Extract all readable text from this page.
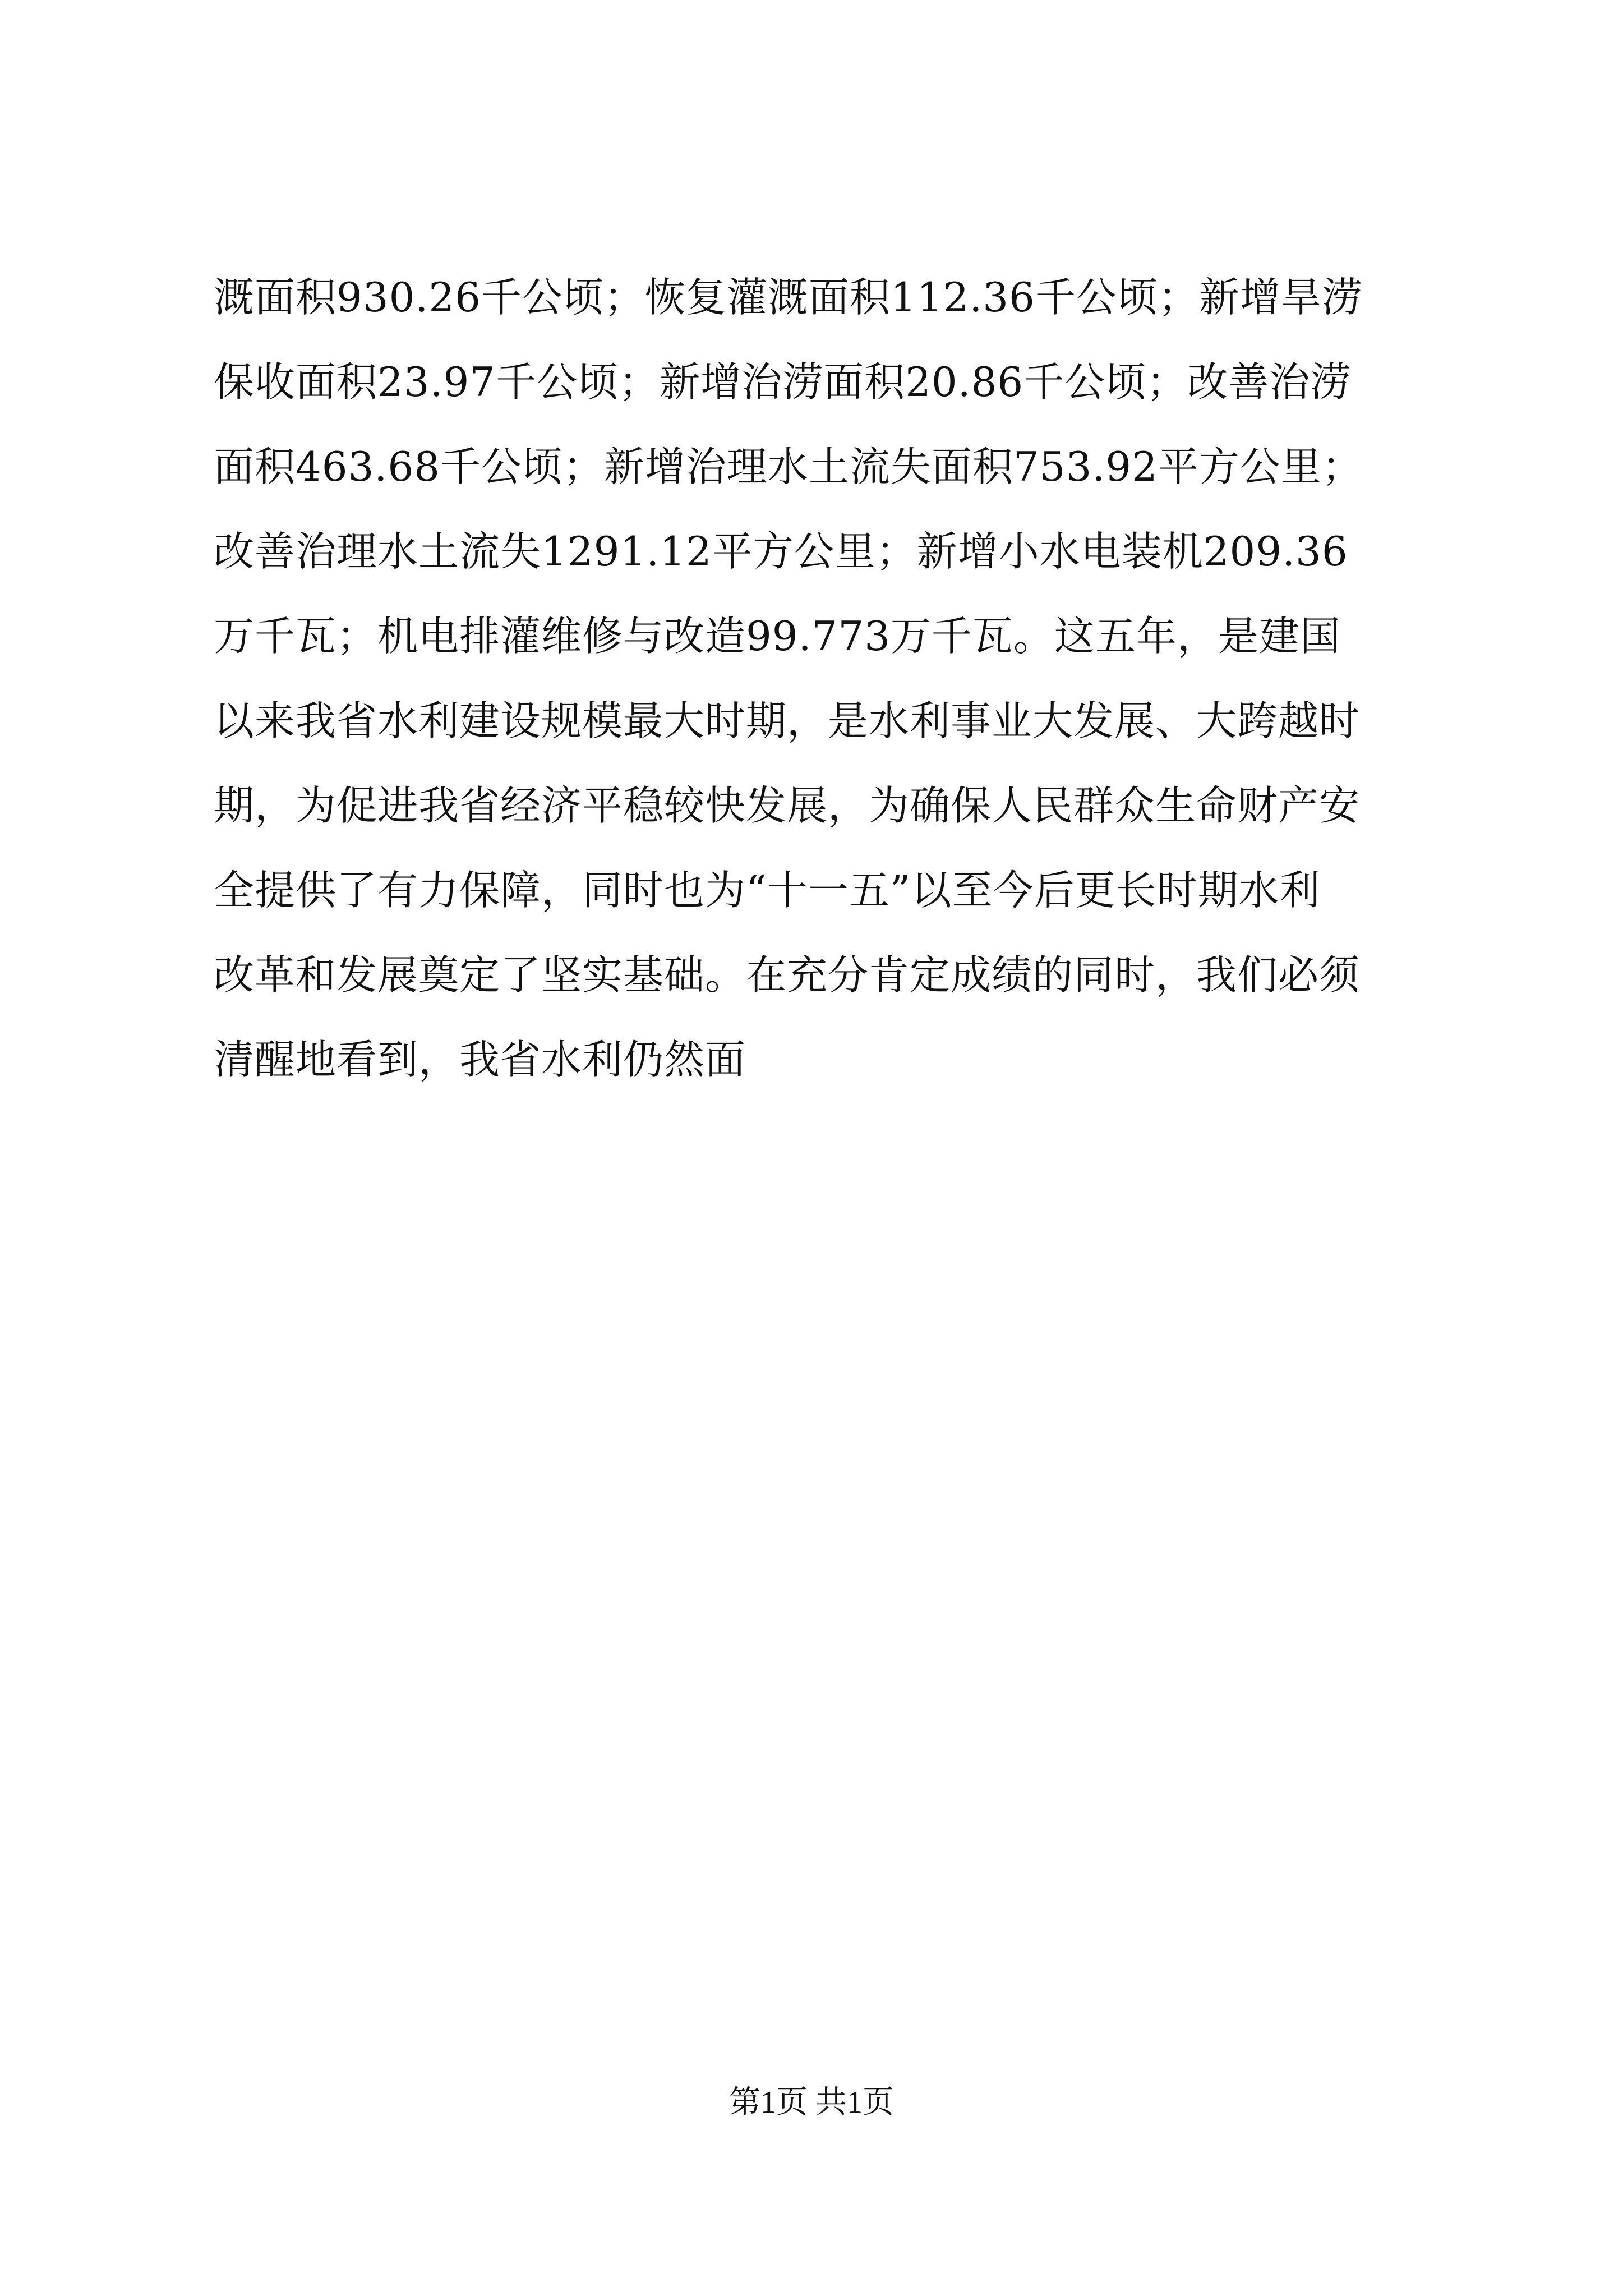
溉面积930.26千公顷；恢复灌溉面积112.36千公顷；新增旱涝
保收面积23.97千公顷；新增治涝面积20.86千公顷；改善治涝
面积463.68千公顷；新增治理水土流失面积753.92平方公里；
改善治理水土流失1291.12平方公里；新增小水电装机209.36
万千瓦；机电排灌维修与改造99.773万千瓦。这五年，是建国
以来我省水利建设规模最大时期，是水利事业大发展、大跨越时
期，为促进我省经济平稳较快发展，为确保人民群众生命财产安
全提供了有力保障，同时也为“十一五”以至今后更长时期水利
改革和发展奠定了坚实基础。在充分肯定成绩的同时，我们必须
清醒地看到，我省水利仍然面
第1页 共1页
